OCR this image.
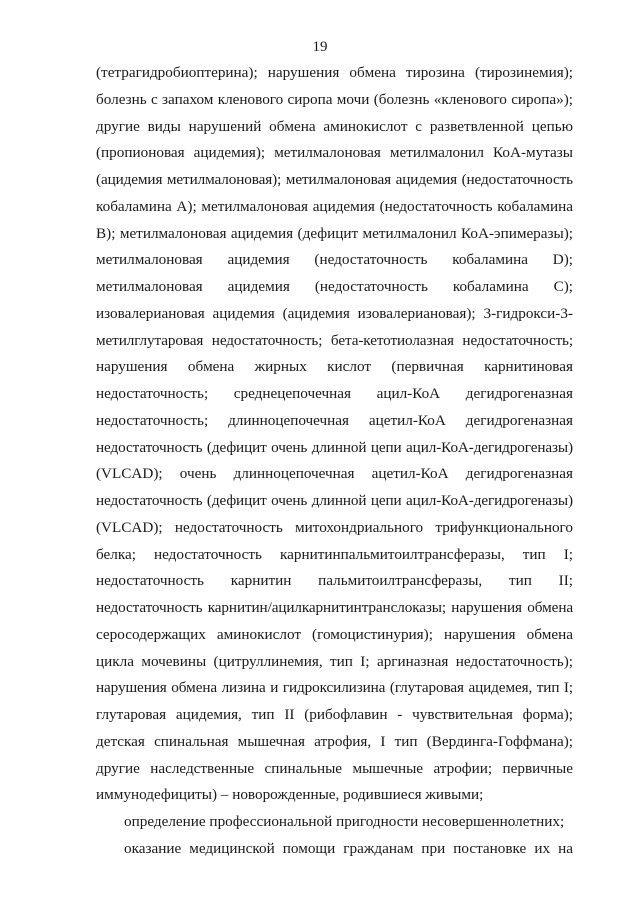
19
(тетрагидробиоптерина); нарушения обмена тирозина (тирозинемия);
болезнь с запахом кленового сиропа мочи (болезнь «кленового сиропа»);
другие виды нарушений обмена аминокислот с разветвленной цепью
(пропионовая ацидемия); метилмалоновая метилмалонил КоА-мутазы
(ацидемия метилмалоновая); метилмалоновая ацидемия (недостаточность
кобаламина А); метилмалоновая ацидемия (недостаточность кобаламина
В); метилмалоновая ацидемия (дефицит метилмалонил КоА-эпимеразы);
метилмалоновая ацидемия (недостаточность кобаламина D);
метилмалоновая ацидемия (недостаточность кобаламина С);
изовалериановая ацидемия (ацидемия изовалериановая); 3-гидрокси-3-
метилглутаровая недостаточность; бета-кетотиолазная недостаточность;
нарушения обмена жирных кислот (первичная карнитиновая
недостаточность; среднецепочечная ацил-КоА дегидрогеназная
недостаточность; длинноцепочечная ацетил-КоА дегидрогеназная
недостаточность (дефицит очень длинной цепи ацил-КоА-дегидрогеназы)
(VLCAD); очень длинноцепочечная ацетил-КоА дегидрогеназная
недостаточность (дефицит очень длинной цепи ацил-КоА-дегидрогеназы)
(VLCAD); недостаточность митохондриального трифункционального
белка; недостаточность карнитинпальмитоилтрансферазы, тип I;
недостаточность карнитин пальмитоилтрансферазы, тип II;
недостаточность карнитин/ацилкарнитинтранслоказы; нарушения обмена
серосодержащих аминокислот (гомоцистинурия); нарушения обмена
цикла мочевины (цитруллинемия, тип I; аргиназная недостаточность);
нарушения обмена лизина и гидроксилизина (глутаровая ацидемея, тип I;
глутаровая ацидемия, тип II (рибофлавин - чувствительная форма);
детская спинальная мышечная атрофия, I тип (Вердинга-Гоффмана);
другие наследственные спинальные мышечные атрофии; первичные
иммунодефициты) – новорожденные, родившиеся живыми;
определение профессиональной пригодности несовершеннолетних;
оказание медицинской помощи гражданам при постановке их на
